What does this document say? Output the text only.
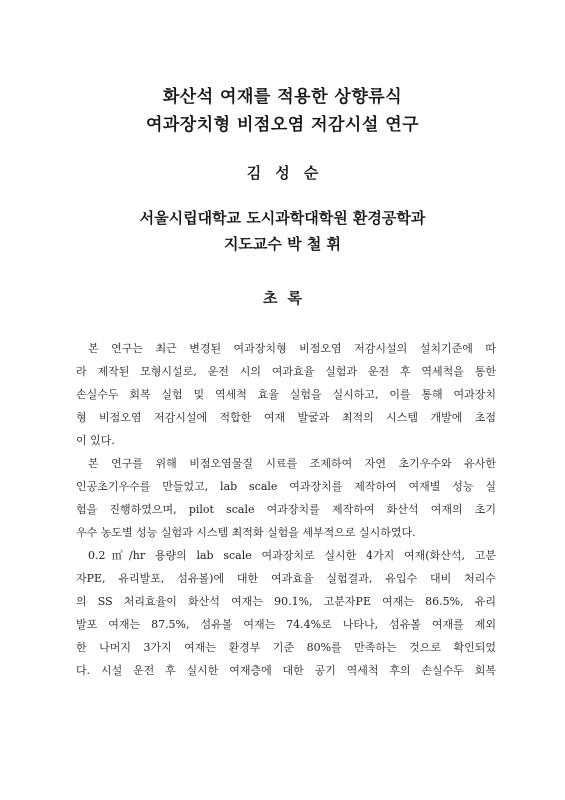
화산석 여재를 적용한 상향류식
여과장치형 비점오염 저감시설 연구
김성순
서울시립대학교 도시과학대학원 환경공학과
지도교수 박 철 휘
초록
본 연구는 최근 변경된 여과장치형 비점오염 저감시설의 설치기준에 따
라 제작된 모형시설로, 운전 시의 여과효율 실험과 운전 후 역세척을 통한
손실수두 회복 실험 및 역세척 효율 실험을 실시하고, 이를 통해 여과장치
형 비점오염 저감시설에 적합한 여재 발굴과 최적의 시스템 개발에 초점
이 있다.
본 연구를 위해 비점오염물질 시료를 조제하여 자연 초기우수와 유사한
인공초기우수를 만들었고, lab scale 여과장치를 제작하여 여재별 성능 실
험을 진행하였으며, pilot scale 여과장치를 제작하여 화산석 여재의 초기
우수 농도별 성능 실험과 시스템 최적화 실험을 세부적으로 실시하였다.
0.2㎥/hr 용량의 lab scale 여과장치로 실시한 4가지 여재(화산석, 고분
자PE, 유리발포, 섬유볼)에 대한 여과효율 실험결과, 유입수 대비 처리수
의 SS 처리효율이 화산석 여재는 90.1%, 고분자PE 여재는 86.5%, 유리
발포 여재는 87.5%, 섬유볼 여재는 74.4%로 나타나, 섬유볼 여재를 제외
한 나머지 3가지 여재는 환경부 기준 80%를 만족하는 것으로 확인되었
다. 시설 운전 후 실시한 여재층에 대한 공기 역세척 후의 손실수두 회복
